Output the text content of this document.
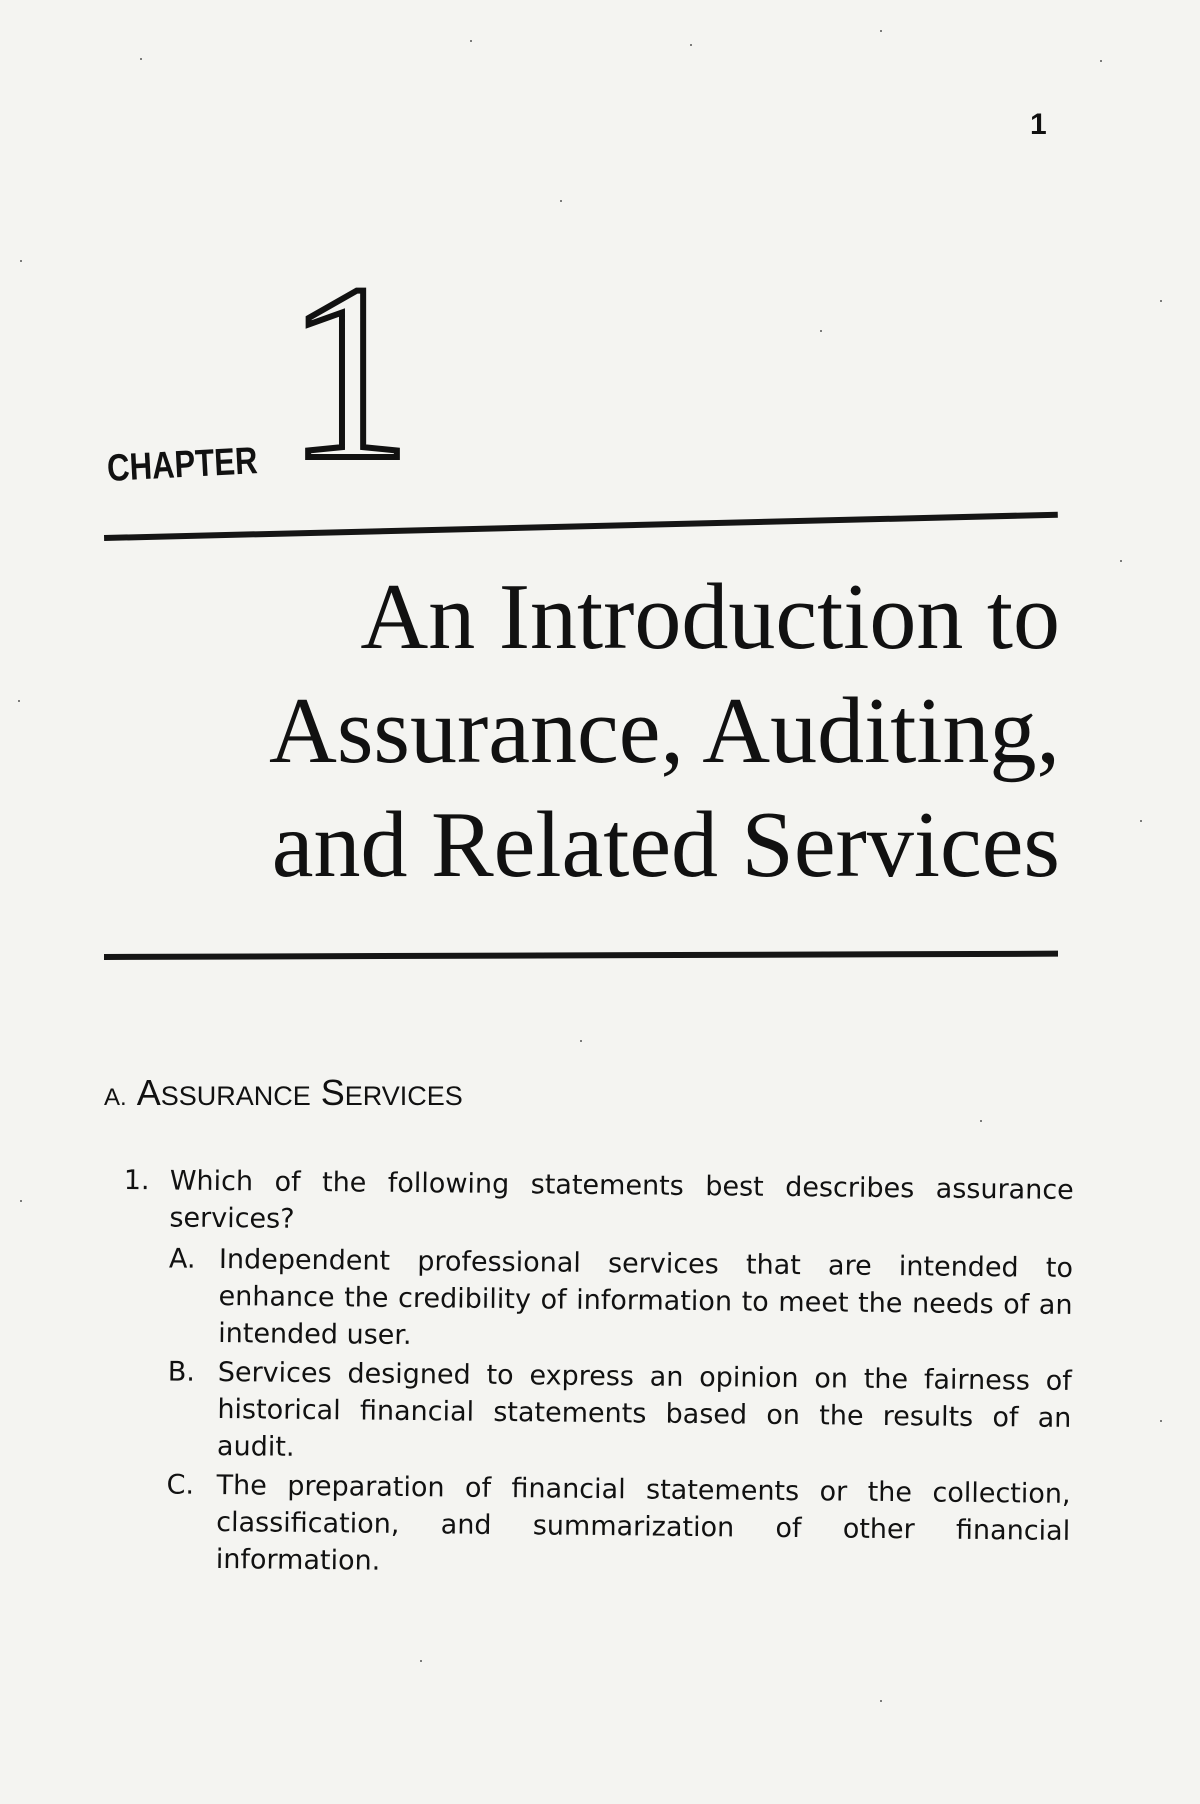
1
CHAPTER 1
An Introduction to
Assurance, Auditing,
and Related Services
A. ASSURANCE SERVICES
1. Which of the following statements best describes assurance services?
A. Independent professional services that are intended to enhance the credibility of information to meet the needs of an intended user.
B. Services designed to express an opinion on the fairness of historical financial statements based on the results of an audit.
C. The preparation of financial statements or the collection, classification, and summarization of other financial information.
